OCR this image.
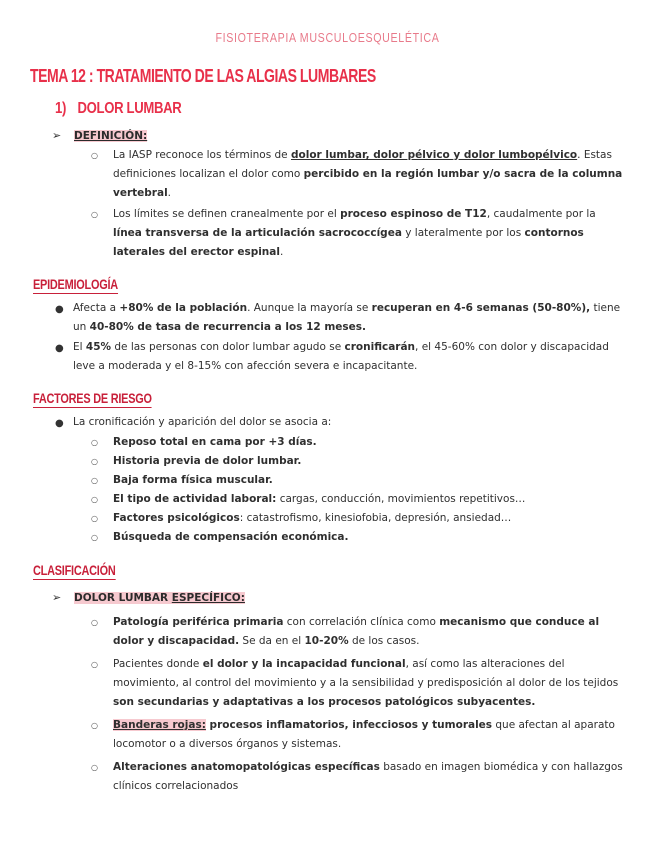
FISIOTERAPIA MUSCULOESQUELÉTICA
TEMA 12 : TRATAMIENTO DE LAS ALGIAS LUMBARES
1) DOLOR LUMBAR
➢ DEFINICIÓN:
○ La IASP reconoce los términos de dolor lumbar, dolor pélvico y dolor lumbopélvico. Estas definiciones localizan el dolor como percibido en la región lumbar y/o sacra de la columna vertebral.

○ Los límites se definen cranealmente por el proceso espinoso de T12, caudalmente por la línea transversa de la articulación sacrococcígea y lateralmente por los contornos laterales del erector espinal.

EPIDEMIOLOGÍA
● Afecta a +80% de la población. Aunque la mayoría se recuperan en 4-6 semanas (50-80%), tiene un 40-80% de tasa de recurrencia a los 12 meses.

● El 45% de las personas con dolor lumbar agudo se cronificarán, el 45-60% con dolor y discapacidad leve a moderada y el 8-15% con afección severa e incapacitante.

FACTORES DE RIESGO
● La cronificación y aparición del dolor se asocia a:

○ Reposo total en cama por +3 días.

○ Historia previa de dolor lumbar.

○ Baja forma física muscular.

○ El tipo de actividad laboral: cargas, conducción, movimientos repetitivos…

○ Factores psicológicos: catastrofismo, kinesiofobia, depresión, ansiedad…

○ Búsqueda de compensación económica.

CLASIFICACIÓN
➢ DOLOR LUMBAR ESPECÍFICO:
○ Patología periférica primaria con correlación clínica como mecanismo que conduce al dolor y discapacidad. Se da en el 10-20% de los casos.

○ Pacientes donde el dolor y la incapacidad funcional, así como las alteraciones del movimiento, al control del movimiento y a la sensibilidad y predisposición al dolor de los tejidos son secundarias y adaptativas a los procesos patológicos subyacentes.

○ Banderas rojas: procesos inflamatorios, infecciosos y tumorales que afectan al aparato locomotor o a diversos órganos y sistemas.

○ Alteraciones anatomopatológicas específicas basado en imagen biomédica y con hallazgos clínicos correlacionados
